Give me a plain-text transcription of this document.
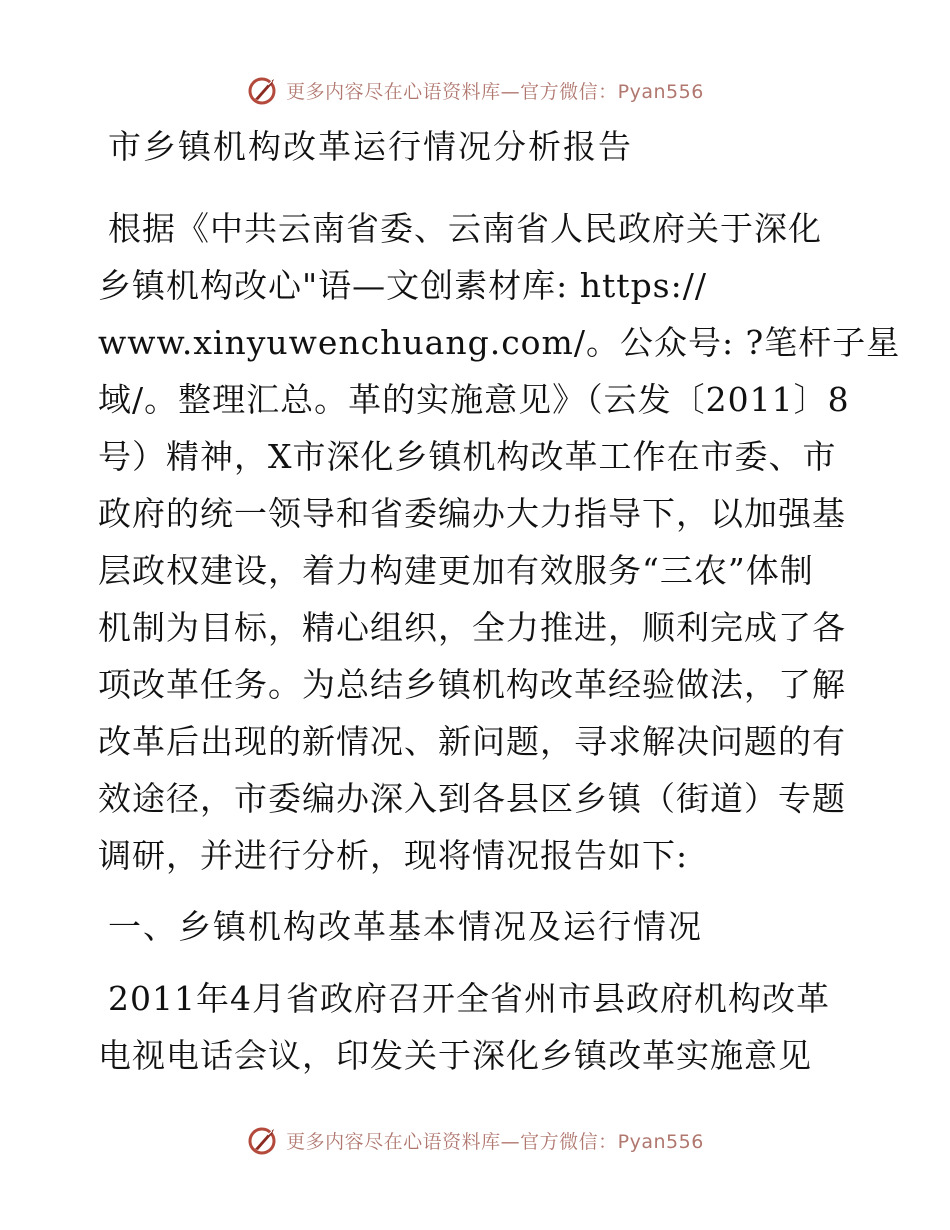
更多内容尽在心语资料库—官方微信：Pyan556
市乡镇机构改革运行情况分析报告

根据《中共云南省委、云南省人民政府关于深化
乡镇机构改心"语—文创素材库: https://
www.xinyuwenchuang.com/。公众号: ?笔杆子星
域/。整理汇总。革的实施意见》（云发〔2011〕8
号）精神，X市深化乡镇机构改革工作在市委、市
政府的统一领导和省委编办大力指导下，以加强基
层政权建设，着力构建更加有效服务“三农”体制
机制为目标，精心组织，全力推进，顺利完成了各
项改革任务。为总结乡镇机构改革经验做法，了解
改革后出现的新情况、新问题，寻求解决问题的有
效途径，市委编办深入到各县区乡镇（街道）专题
调研，并进行分析，现将情况报告如下:

一、乡镇机构改革基本情况及运行情况

2011年4月省政府召开全省州市县政府机构改革
电视电话会议，印发关于深化乡镇改革实施意见

更多内容尽在心语资料库—官方微信：Pyan556
